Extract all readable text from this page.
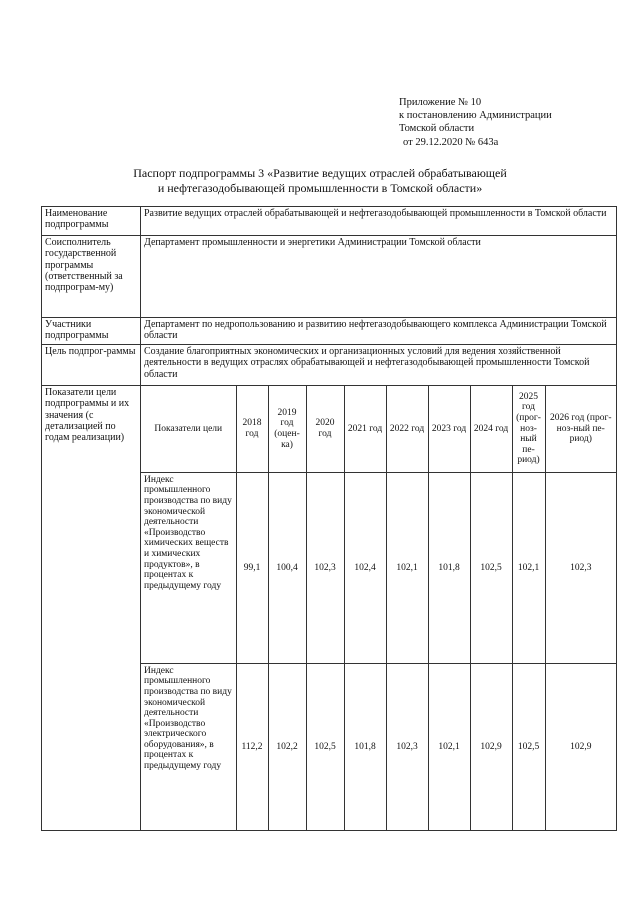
Приложение № 10
к постановлению Администрации
Томской области
от 29.12.2020 № 643а
Паспорт подпрограммы 3 «Развитие ведущих отраслей обрабатывающей
и нефтегазодобывающей промышленности в Томской области»
Наименование подпрограммы	Развитие ведущих отраслей обрабатывающей и нефтегазодобывающей промышленности в Томской области
Соисполнитель государственной программы (ответственный за подпрограм-му)	Департамент промышленности и энергетики Администрации Томской области
Участники подпрограммы	Департамент по недропользованию и развитию нефтегазодобывающего комплекса Администрации Томской области
Цель подпрог-раммы	Создание благоприятных экономических и организационных условий для ведения хозяйственной деятельности в ведущих отраслях обрабатывающей и нефтегазодобывающей промышленности Томской области
Показатели цели подпрограммы и их значения (с детализацией по годам реализации)	
Показатели цели	2018 год	2019 год (оцен-ка)	2020 год	2021 год	2022 год	2023 год	2024 год	2025 год (прог-ноз-ный пе-риод)	2026 год (прог-ноз-ный пе-риод)
Индекс промышленного производства по виду экономической деятельности «Производство химических веществ и химических продуктов», в процентах к предыдущему году	99,1	100,4	102,3	102,4	102,1	101,8	102,5	102,1	102,3
Индекс промышленного производства по виду экономической деятельности «Производство электрического оборудования», в процентах к предыдущему году	112,2	102,2	102,5	101,8	102,3	102,1	102,9	102,5	102,9
